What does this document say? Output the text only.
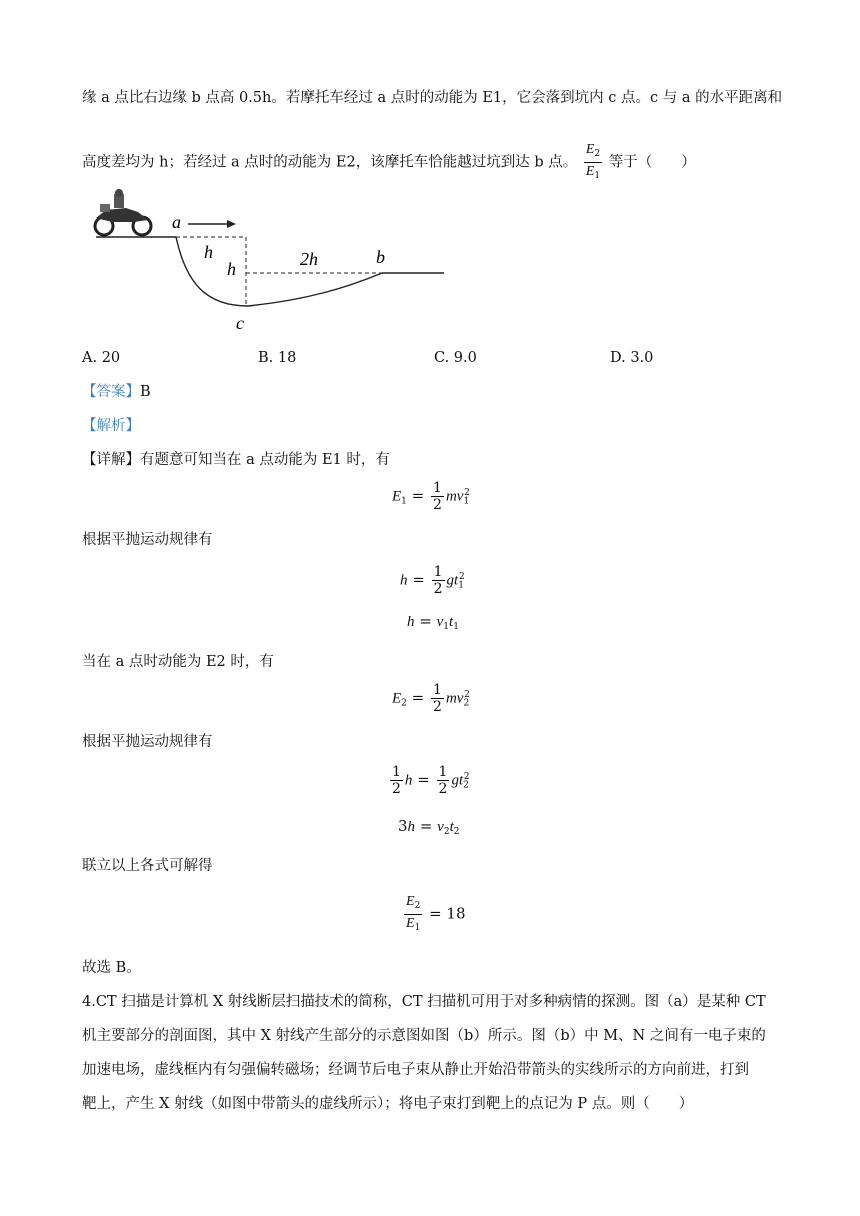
缘 a 点比右边缘 b 点高 0.5h。若摩托车经过 a 点时的动能为 E1，它会落到坑内 c 点。c 与 a 的水平距离和
高度差均为 h；若经过 a 点时的动能为 E2，该摩托车恰能越过坑到达 b 点。 $\frac{E_2}{E_1}$ 等于（　　）
a
h
h	2h	b
c
A. 20	B. 18	C. 9.0	D. 3.0
【答案】B
【解析】
【详解】有题意可知当在 a 点动能为 E1 时，有
$E_1 = \frac{1}{2} mv_1^2$
根据平抛运动规律有
$h = \frac{1}{2} gt_1^2$
$h = v_1t_1$
当在 a 点时动能为 E2 时，有
$E_2 = \frac{1}{2} mv_2^2$
根据平抛运动规律有
$\frac{1}{2}$ $h = \frac{1}{2} gt_2^2$
$3h = v_2t_2$
联立以上各式可解得
$\frac{E_2}{E_1} = 18$
故选 B。
4.CT 扫描是计算机 X 射线断层扫描技术的简称，CT 扫描机可用于对多种病情的探测。图（a）是某种 CT
机主要部分的剖面图，其中 X 射线产生部分的示意图如图（b）所示。图（b）中 M、N 之间有一电子束的
加速电场，虚线框内有匀强偏转磁场；经调节后电子束从静止开始沿带箭头的实线所示的方向前进，打到
靶上，产生 X 射线（如图中带箭头的虚线所示）；将电子束打到靶上的点记为 P 点。则（　　）
